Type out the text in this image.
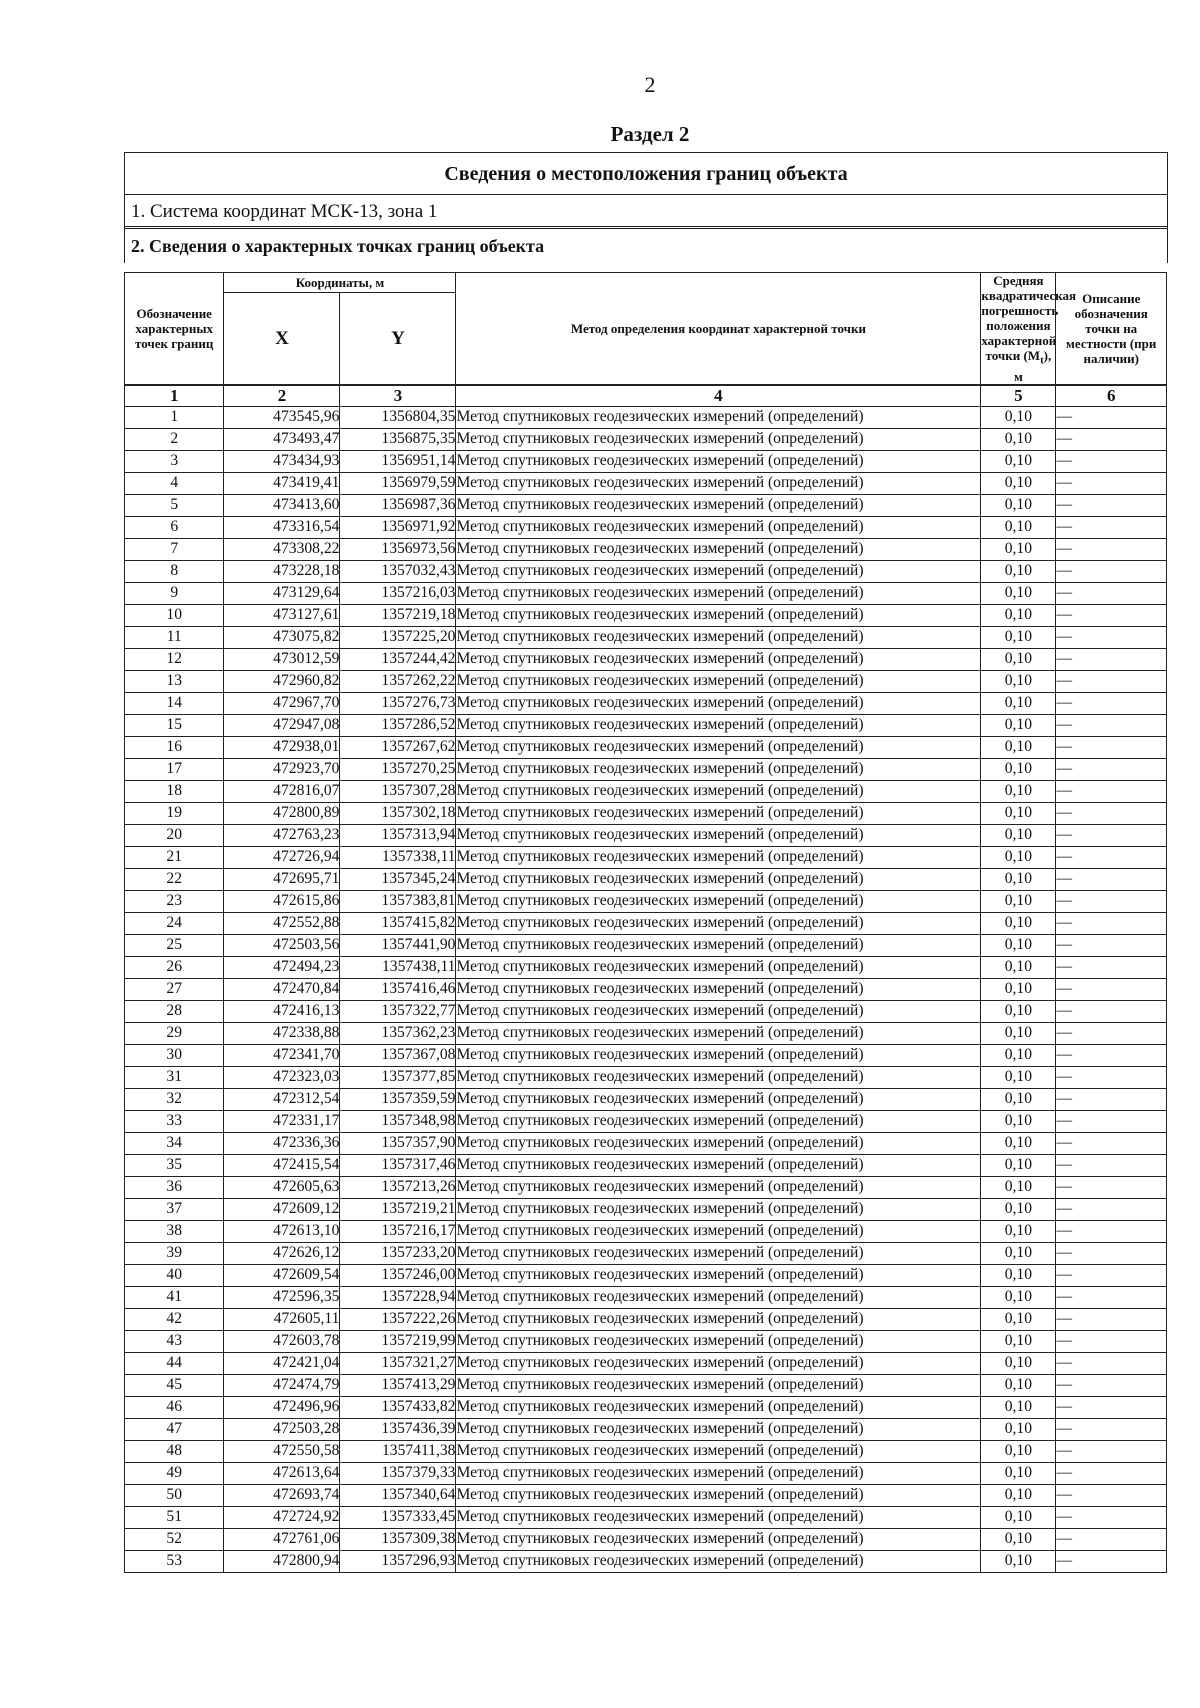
2
Раздел 2
Сведения о местоположения границ объекта
1. Система координат МСК-13, зона 1
2. Сведения о характерных точках границ объекта
Обозначение характерных точек границ	Координаты, м		Метод определения координат характерной точки	Средняя квадратическая погрешность положения характерной точки $(M_t)$, м	Описание обозначения точки на местности (при наличии)
	X	Y			
1	2	3	4	5	6
1	473545,96	1356804,35	Метод спутниковых геодезических измерений (определений)	0,10	—
2	473493,47	1356875,35	Метод спутниковых геодезических измерений (определений)	0,10	—
3	473434,93	1356951,14	Метод спутниковых геодезических измерений (определений)	0,10	—
4	473419,41	1356979,59	Метод спутниковых геодезических измерений (определений)	0,10	—
5	473413,60	1356987,36	Метод спутниковых геодезических измерений (определений)	0,10	—
6	473316,54	1356971,92	Метод спутниковых геодезических измерений (определений)	0,10	—
7	473308,22	1356973,56	Метод спутниковых геодезических измерений (определений)	0,10	—
8	473228,18	1357032,43	Метод спутниковых геодезических измерений (определений)	0,10	—
9	473129,64	1357216,03	Метод спутниковых геодезических измерений (определений)	0,10	—
10	473127,61	1357219,18	Метод спутниковых геодезических измерений (определений)	0,10	—
11	473075,82	1357225,20	Метод спутниковых геодезических измерений (определений)	0,10	—
12	473012,59	1357244,42	Метод спутниковых геодезических измерений (определений)	0,10	—
13	472960,82	1357262,22	Метод спутниковых геодезических измерений (определений)	0,10	—
14	472967,70	1357276,73	Метод спутниковых геодезических измерений (определений)	0,10	—
15	472947,08	1357286,52	Метод спутниковых геодезических измерений (определений)	0,10	—
16	472938,01	1357267,62	Метод спутниковых геодезических измерений (определений)	0,10	—
17	472923,70	1357270,25	Метод спутниковых геодезических измерений (определений)	0,10	—
18	472816,07	1357307,28	Метод спутниковых геодезических измерений (определений)	0,10	—
19	472800,89	1357302,18	Метод спутниковых геодезических измерений (определений)	0,10	—
20	472763,23	1357313,94	Метод спутниковых геодезических измерений (определений)	0,10	—
21	472726,94	1357338,11	Метод спутниковых геодезических измерений (определений)	0,10	—
22	472695,71	1357345,24	Метод спутниковых геодезических измерений (определений)	0,10	—
23	472615,86	1357383,81	Метод спутниковых геодезических измерений (определений)	0,10	—
24	472552,88	1357415,82	Метод спутниковых геодезических измерений (определений)	0,10	—
25	472503,56	1357441,90	Метод спутниковых геодезических измерений (определений)	0,10	—
26	472494,23	1357438,11	Метод спутниковых геодезических измерений (определений)	0,10	—
27	472470,84	1357416,46	Метод спутниковых геодезических измерений (определений)	0,10	—
28	472416,13	1357322,77	Метод спутниковых геодезических измерений (определений)	0,10	—
29	472338,88	1357362,23	Метод спутниковых геодезических измерений (определений)	0,10	—
30	472341,70	1357367,08	Метод спутниковых геодезических измерений (определений)	0,10	—
31	472323,03	1357377,85	Метод спутниковых геодезических измерений (определений)	0,10	—
32	472312,54	1357359,59	Метод спутниковых геодезических измерений (определений)	0,10	—
33	472331,17	1357348,98	Метод спутниковых геодезических измерений (определений)	0,10	—
34	472336,36	1357357,90	Метод спутниковых геодезических измерений (определений)	0,10	—
35	472415,54	1357317,46	Метод спутниковых геодезических измерений (определений)	0,10	—
36	472605,63	1357213,26	Метод спутниковых геодезических измерений (определений)	0,10	—
37	472609,12	1357219,21	Метод спутниковых геодезических измерений (определений)	0,10	—
38	472613,10	1357216,17	Метод спутниковых геодезических измерений (определений)	0,10	—
39	472626,12	1357233,20	Метод спутниковых геодезических измерений (определений)	0,10	—
40	472609,54	1357246,00	Метод спутниковых геодезических измерений (определений)	0,10	—
41	472596,35	1357228,94	Метод спутниковых геодезических измерений (определений)	0,10	—
42	472605,11	1357222,26	Метод спутниковых геодезических измерений (определений)	0,10	—
43	472603,78	1357219,99	Метод спутниковых геодезических измерений (определений)	0,10	—
44	472421,04	1357321,27	Метод спутниковых геодезических измерений (определений)	0,10	—
45	472474,79	1357413,29	Метод спутниковых геодезических измерений (определений)	0,10	—
46	472496,96	1357433,82	Метод спутниковых геодезических измерений (определений)	0,10	—
47	472503,28	1357436,39	Метод спутниковых геодезических измерений (определений)	0,10	—
48	472550,58	1357411,38	Метод спутниковых геодезических измерений (определений)	0,10	—
49	472613,64	1357379,33	Метод спутниковых геодезических измерений (определений)	0,10	—
50	472693,74	1357340,64	Метод спутниковых геодезических измерений (определений)	0,10	—
51	472724,92	1357333,45	Метод спутниковых геодезических измерений (определений)	0,10	—
52	472761,06	1357309,38	Метод спутниковых геодезических измерений (определений)	0,10	—
53	472800,94	1357296,93	Метод спутниковых геодезических измерений (определений)	0,10	—
